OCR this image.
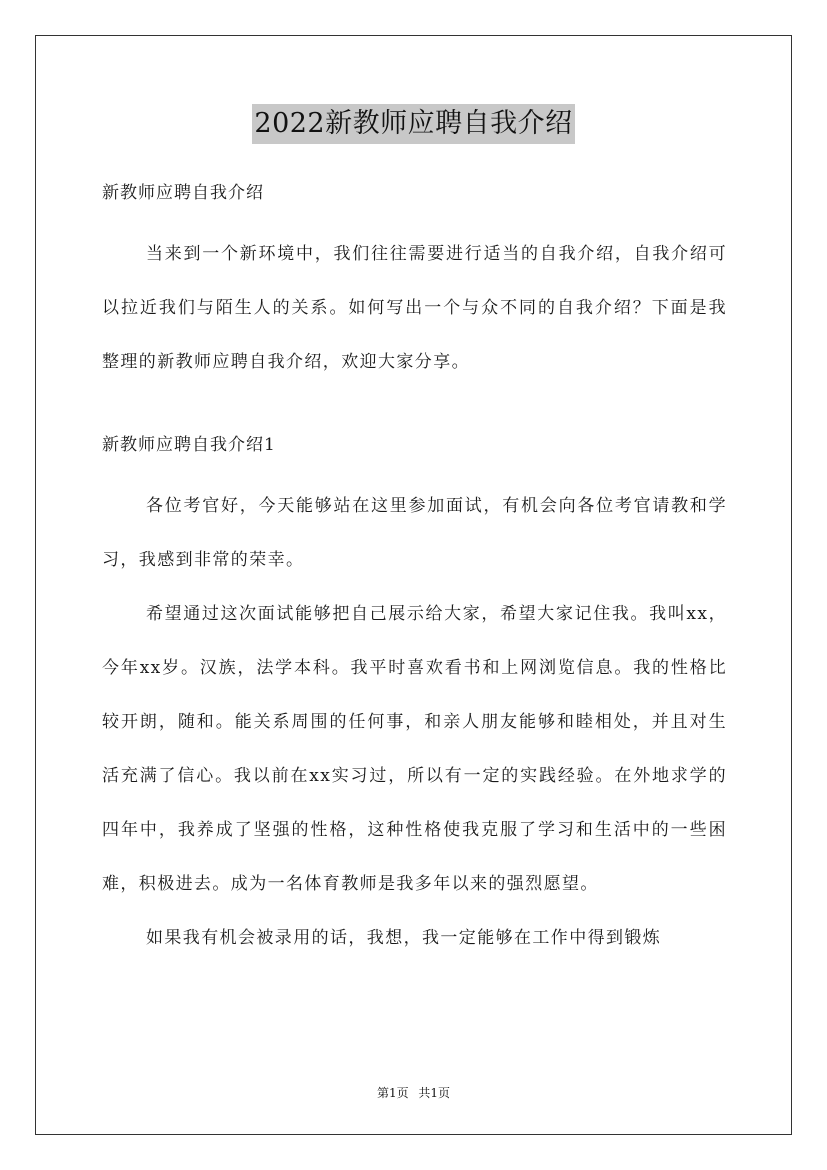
2022新教师应聘自我介绍

新教师应聘自我介绍

当来到一个新环境中，我们往往需要进行适当的自我介绍，自我介绍可以拉近我们与陌生人的关系。如何写出一个与众不同的自我介绍？下面是我整理的新教师应聘自我介绍，欢迎大家分享。

新教师应聘自我介绍1

各位考官好，今天能够站在这里参加面试，有机会向各位考官请教和学习，我感到非常的荣幸。

希望通过这次面试能够把自己展示给大家，希望大家记住我。我叫xx，今年xx岁。汉族，法学本科。我平时喜欢看书和上网浏览信息。我的性格比较开朗，随和。能关系周围的任何事，和亲人朋友能够和睦相处，并且对生活充满了信心。我以前在xx实习过，所以有一定的实践经验。在外地求学的四年中，我养成了坚强的性格，这种性格使我克服了学习和生活中的一些困难，积极进去。成为一名体育教师是我多年以来的强烈愿望。

如果我有机会被录用的话，我想，我一定能够在工作中得到锻炼

第1页 共1页
